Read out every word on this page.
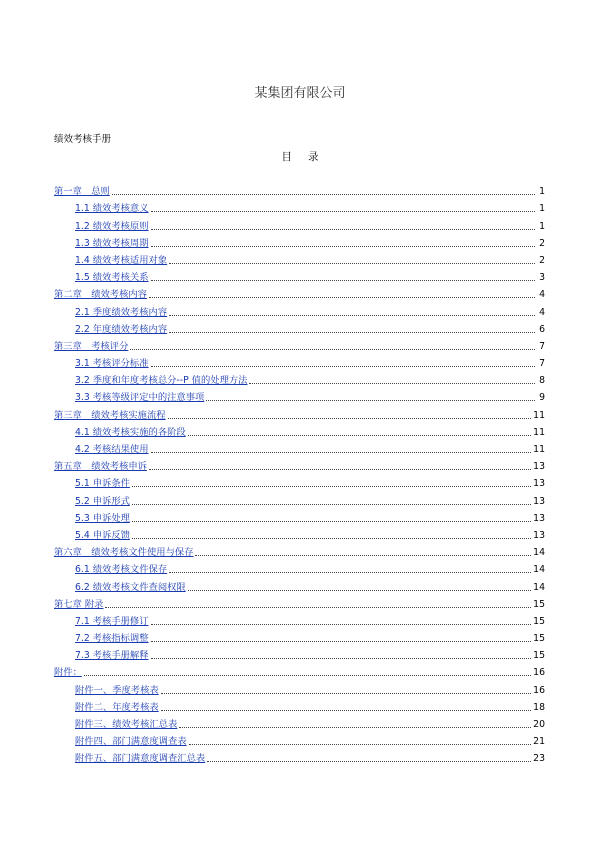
某集团有限公司
绩效考核手册
目录
第一章　总则	1
1.1 绩效考核意义	1
1.2 绩效考核原则	1
1.3 绩效考核周期	2
1.4 绩效考核适用对象	2
1.5 绩效考核关系	3
第二章　绩效考核内容	4
2.1 季度绩效考核内容	4
2.2 年度绩效考核内容	6
第三章　考核评分	7
3.1 考核评分标准	7
3.2 季度和年度考核总分--P 值的处理方法	8
3.3 考核等级评定中的注意事项	9
第三章　绩效考核实施流程	11
4.1 绩效考核实施的各阶段	11
4.2 考核结果使用	11
第五章　绩效考核申诉	13
5.1 申诉条件	13
5.2 申诉形式	13
5.3 申诉处理	13
5.4 申诉反馈	13
第六章　绩效考核文件使用与保存	14
6.1 绩效考核文件保存	14
6.2 绩效考核文件查阅权限	14
第七章 附录	15
7.1 考核手册修订	15
7.2 考核指标调整	15
7.3 考核手册解释	15
附件：	16
附件一、季度考核表	16
附件二、年度考核表	18
附件三、绩效考核汇总表	20
附件四、部门满意度调查表	21
附件五、部门满意度调查汇总表	23
